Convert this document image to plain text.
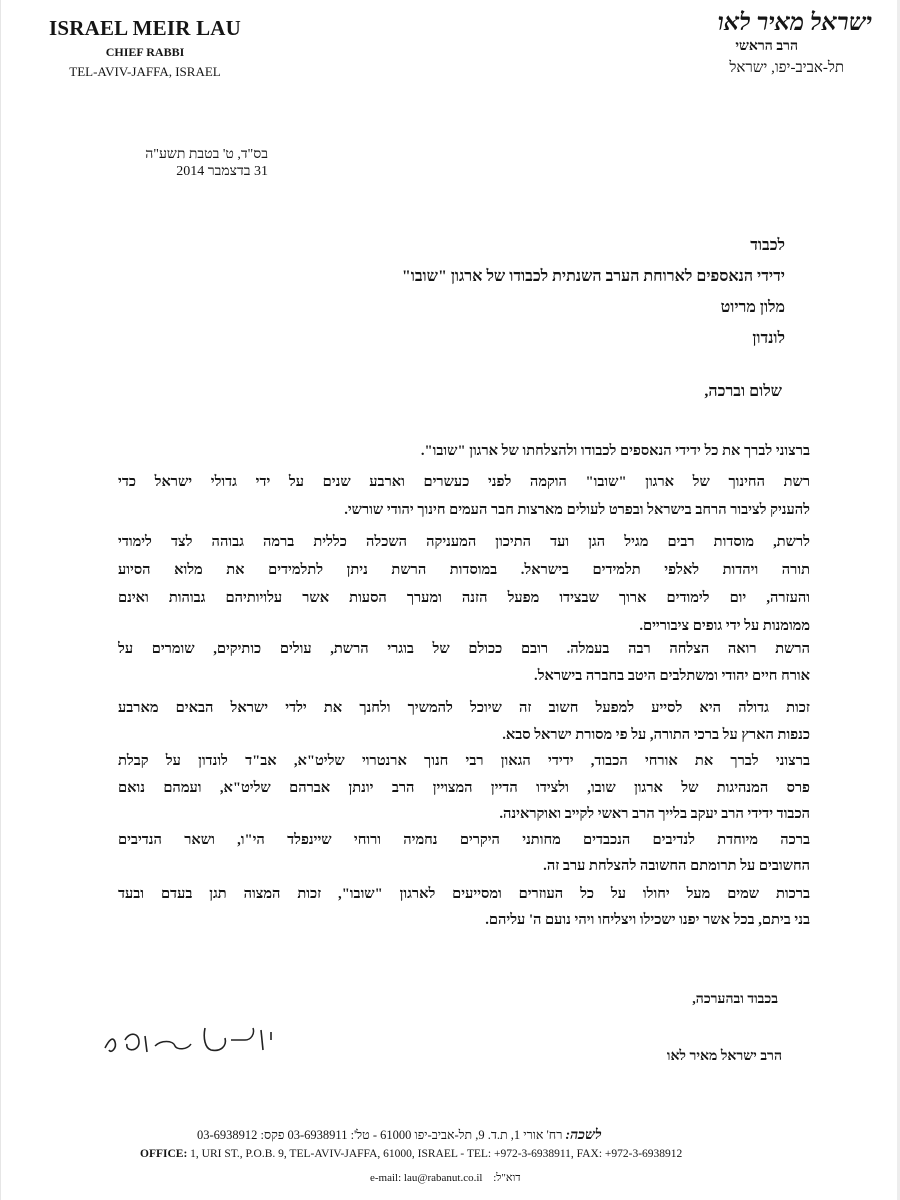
ISRAEL MEIR LAU
CHIEF RABBI
TEL-AVIV-JAFFA, ISRAEL
ישראל מאיר לאו
הרב הראשי
תל-אביב-יפו, ישראל
בס"ד, ט' בטבת תשע"ה
31 בדצמבר 2014
לכבוד
ידידי הנאספים לארוחת הערב השנתית לכבודו של ארגון "שובו"
מלון מריוט
לונדון
שלום וברכה,
ברצוני לברך את כל ידידי הנאספים לכבודו ולהצלחתו של ארגון "שובו".
רשת החינוך של ארגון "שובו" הוקמה לפני כעשרים וארבע שנים על ידי גדולי ישראל כדי
להעניק לציבור הרחב בישראל ובפרט לעולים מארצות חבר העמים חינוך יהודי שורשי.
לרשת, מוסדות רבים מגיל הגן ועד התיכון המעניקה השכלה כללית ברמה גבוהה לצד לימודי
תורה ויהדות לאלפי תלמידים בישראל. במוסדות הרשת ניתן לתלמידים את מלוא הסיוע
והעזרה, יום לימודים ארוך שבצידו מפעל הזנה ומערך הסעות אשר עלויותיהם גבוהות ואינם
ממומנות על ידי גופים ציבוריים.
הרשת רואה הצלחה רבה בעמלה. רובם ככולם של בוגרי הרשת, עולים כותיקים, שומרים על
אורח חיים יהודי ומשתלבים היטב בחברה בישראל.
זכות גדולה היא לסייע למפעל חשוב זה שיוכל להמשיך ולחנך את ילדי ישראל הבאים מארבע
כנפות הארץ על ברכי התורה, על פי מסורת ישראל סבא.
ברצוני לברך את אורחי הכבוד, ידידי הגאון רבי חנוך ארנטרוי שליט"א, אב"ד לונדון על קבלת
פרס המנהיגות של ארגון שובו, ולצידו הדיין המצויין הרב יונתן אברהם שליט"א, ועמהם נואם
הכבוד ידידי הרב יעקב בלייך הרב ראשי לקייב ואוקראינה.
ברכה מיוחדת לנדיבים הנכבדים מחותני היקרים נחמיה ורוחי שיינפלד הי"ו, ושאר הנדיבים
החשובים על תרומתם החשובה להצלחת ערב זה.
ברכות שמים מעל יחולו על כל העוזרים ומסייעים לארגון "שובו", זכות המצוה תגן בעדם ובעד
בני ביתם, בכל אשר יפנו ישכילו ויצליחו ויהי נועם ה' עליהם.
בכבוד ובהערכה,
הרב ישראל מאיר לאו
לשכה: רח' אורי 1, ת.ד. 9, תל-אביב-יפו 61000 - טל': 03-6938911 פקס: 03-6938912
OFFICE: 1, URI ST., P.O.B. 9, TEL-AVIV-JAFFA, 61000, ISRAEL - TEL: +972-3-6938911, FAX: +972-3-6938912
e-mail: lau@rabanut.co.il דוא"ל:
